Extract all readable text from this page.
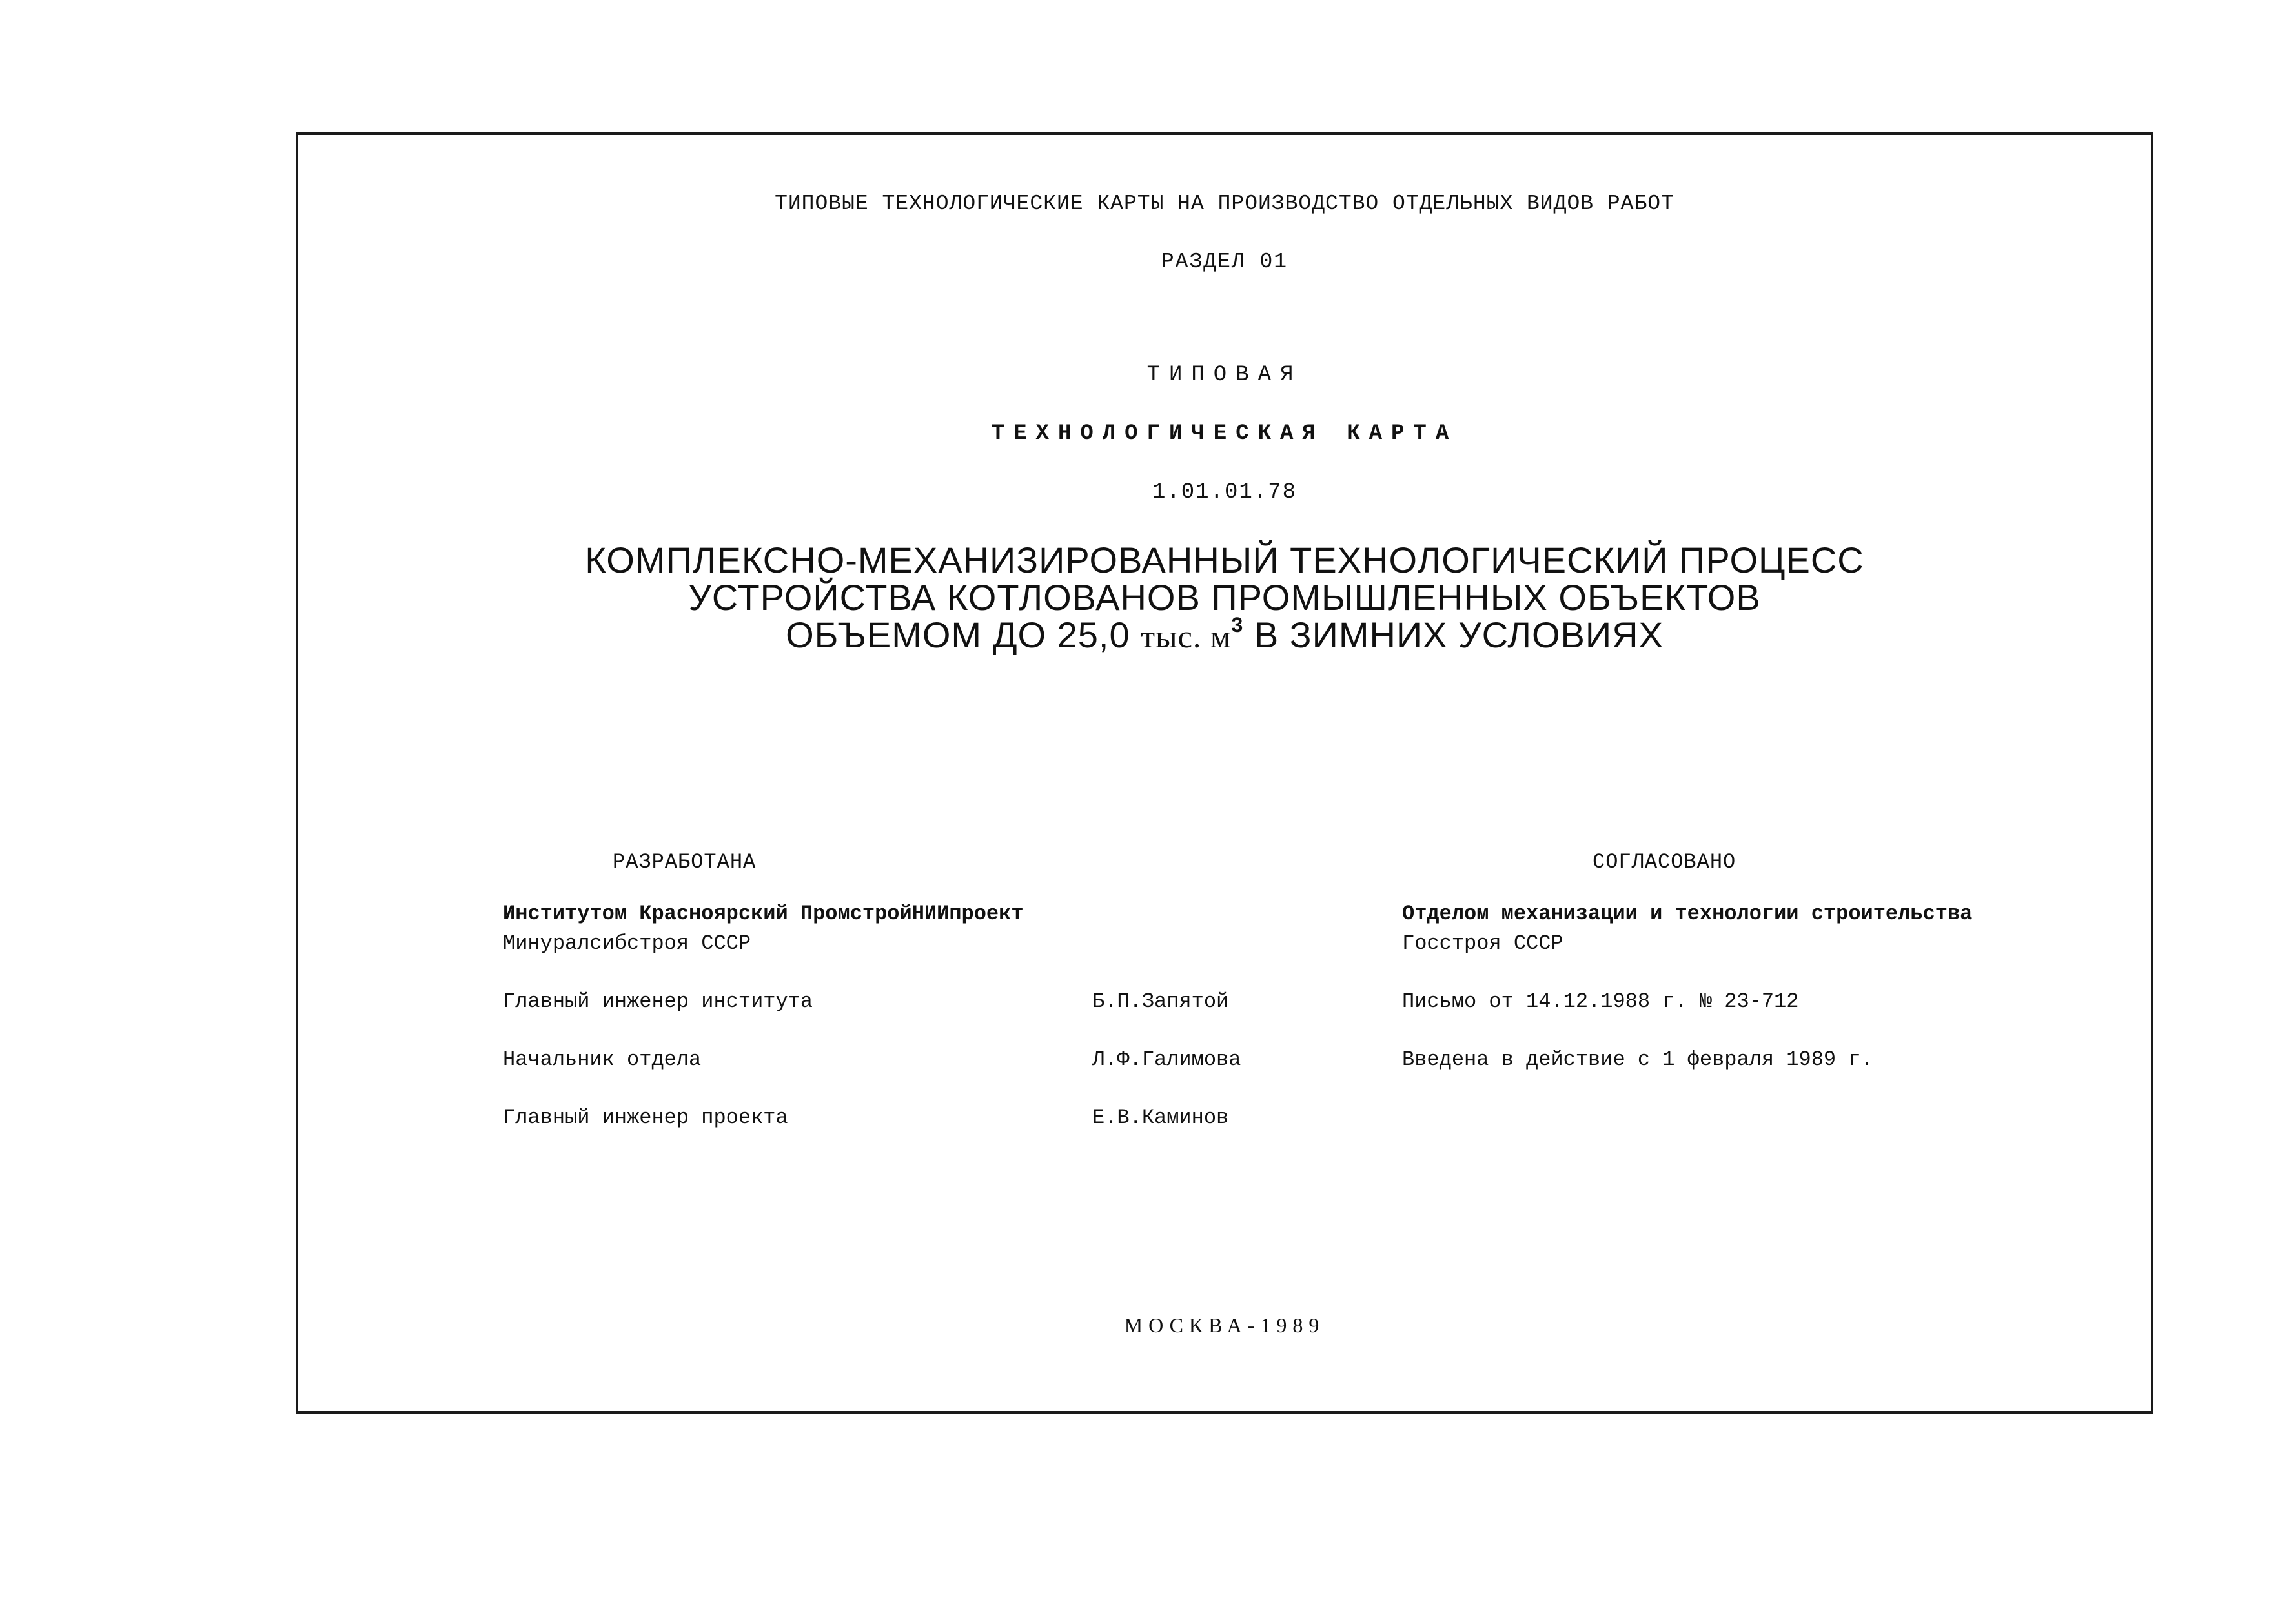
ТИПОВЫЕ ТЕХНОЛОГИЧЕСКИЕ КАРТЫ НА ПРОИЗВОДСТВО ОТДЕЛЬНЫХ ВИДОВ РАБОТ
РАЗДЕЛ 01
ТИПОВАЯ
ТЕХНОЛОГИЧЕСКАЯ КАРТА
1.01.01.78
КОМПЛЕКСНО-МЕХАНИЗИРОВАННЫЙ ТЕХНОЛОГИЧЕСКИЙ ПРОЦЕСС
УСТРОЙСТВА КОТЛОВАНОВ ПРОМЫШЛЕННЫХ ОБЪЕКТОВ
ОБЪЕМОМ ДО 25,0 тыс. $м^3$ В ЗИМНИХ УСЛОВИЯХ
РАЗРАБОТАНА
Институтом Красноярский ПромстройНИИпроект
Минуралсибстроя СССР
Главный инженер института	Б.П.Запятой
Начальник отдела	Л.Ф.Галимова
Главный инженер проекта	Е.В.Каминов
СОГЛАСОВАНО
Отделом механизации и технологии строительства
Госстроя СССР
Письмо от 14.12.1988 г. № 23-712
Введена в действие с 1 февраля 1989 г.
МОСКВА-1989
